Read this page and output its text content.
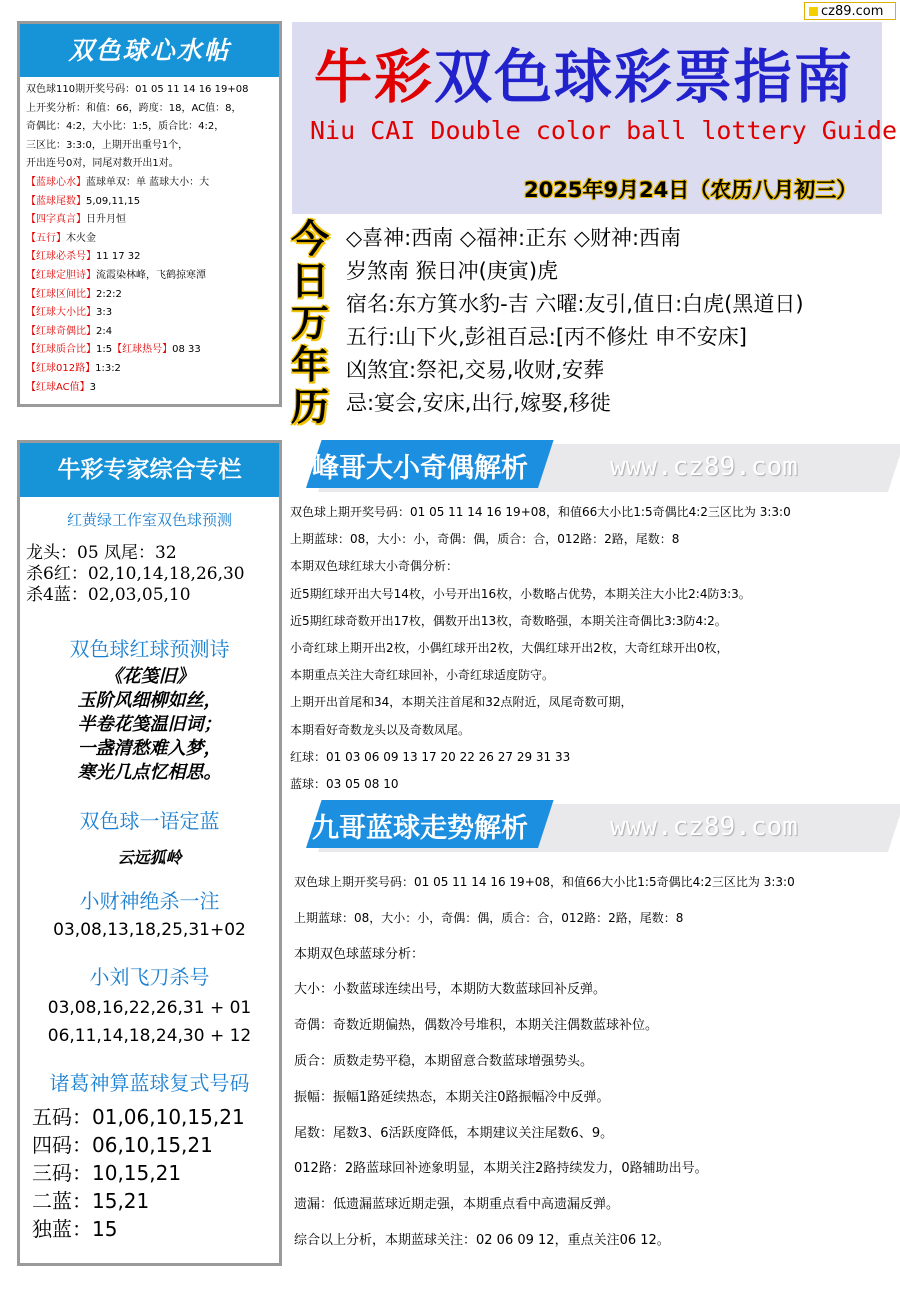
cz89.com
双色球心水帖
双色球110期开奖号码：01 05 11 14 16 19+08
上开奖分析：和值：66，跨度：18，AC值：8，
奇偶比：4:2，大小比：1:5，质合比：4:2，
三区比：3:3:0，上期开出重号1个，
开出连号0对，同尾对数开出1对。
【蓝球心水】蓝球单双：单 蓝球大小：大
【蓝球尾数】5,09,11,15
【四字真言】日升月恒
【五行】木火金
【红球必杀号】11 17 32
【红球定胆诗】流霞染林峰，飞鹤掠寒潭
【红球区间比】2:2:2
【红球大小比】3:3
【红球奇偶比】2:4
【红球质合比】1:5【红球热号】08 33
【红球012路】1:3:2
【红球AC值】3
牛彩双色球彩票指南
Niu CAI Double color ball lottery Guide
2025年9月24日（农历八月初三）
今
日
万
年
历
◇喜神:西南 ◇福神:正东 ◇财神:西南
岁煞南 猴日冲(庚寅)虎
宿名:东方箕水豹-吉 六曜:友引,值日:白虎(黑道日)
五行:山下火,彭祖百忌:[丙不修灶 申不安床]
凶煞宜:祭祀,交易,收财,安葬
忌:宴会,安床,出行,嫁娶,移徙
牛彩专家综合专栏
红黄绿工作室双色球预测
龙头：05 凤尾：32
杀6红：02,10,14,18,26,30
杀4蓝：02,03,05,10
双色球红球预测诗
《花笺旧》
玉阶风细柳如丝，
半卷花笺温旧词；
一盏清愁难入梦，
寒光几点忆相思。
双色球一语定蓝
云远狐岭
小财神绝杀一注
03,08,13,18,25,31+02
小刘飞刀杀号
03,08,16,22,26,31 + 01
06,11,14,18,24,30 + 12
诸葛神算蓝球复式号码
五码：01,06,10,15,21
四码：06,10,15,21
三码：10,15,21
二蓝：15,21
独蓝：15
峰哥大小奇偶解析	www.cz89.com
双色球上期开奖号码：01 05 11 14 16 19+08，和值66大小比1:5奇偶比4:2三区比为 3:3:0
上期蓝球：08，大小：小，奇偶：偶，质合：合，012路：2路，尾数：8
本期双色球红球大小奇偶分析：
近5期红球开出大号14枚，小号开出16枚，小数略占优势，本期关注大小比2:4防3:3。
近5期红球奇数开出17枚，偶数开出13枚，奇数略强，本期关注奇偶比3:3防4:2。
小奇红球上期开出2枚，小偶红球开出2枚，大偶红球开出2枚，大奇红球开出0枚，
本期重点关注大奇红球回补，小奇红球适度防守。
上期开出首尾和34，本期关注首尾和32点附近，凤尾奇数可期，
本期看好奇数龙头以及奇数凤尾。
红球：01 03 06 09 13 17 20 22 26 27 29 31 33
蓝球：03 05 08 10
九哥蓝球走势解析	www.cz89.com
双色球上期开奖号码：01 05 11 14 16 19+08，和值66大小比1:5奇偶比4:2三区比为 3:3:0
上期蓝球：08，大小：小，奇偶：偶，质合：合，012路：2路，尾数：8
本期双色球蓝球分析：
大小：小数蓝球连续出号，本期防大数蓝球回补反弹。
奇偶：奇数近期偏热，偶数冷号堆积，本期关注偶数蓝球补位。
质合：质数走势平稳，本期留意合数蓝球增强势头。
振幅：振幅1路延续热态，本期关注0路振幅冷中反弹。
尾数：尾数3、6活跃度降低，本期建议关注尾数6、9。
012路：2路蓝球回补迹象明显，本期关注2路持续发力，0路辅助出号。
遗漏：低遗漏蓝球近期走强，本期重点看中高遗漏反弹。
综合以上分析，本期蓝球关注：02 06 09 12，重点关注06 12。
